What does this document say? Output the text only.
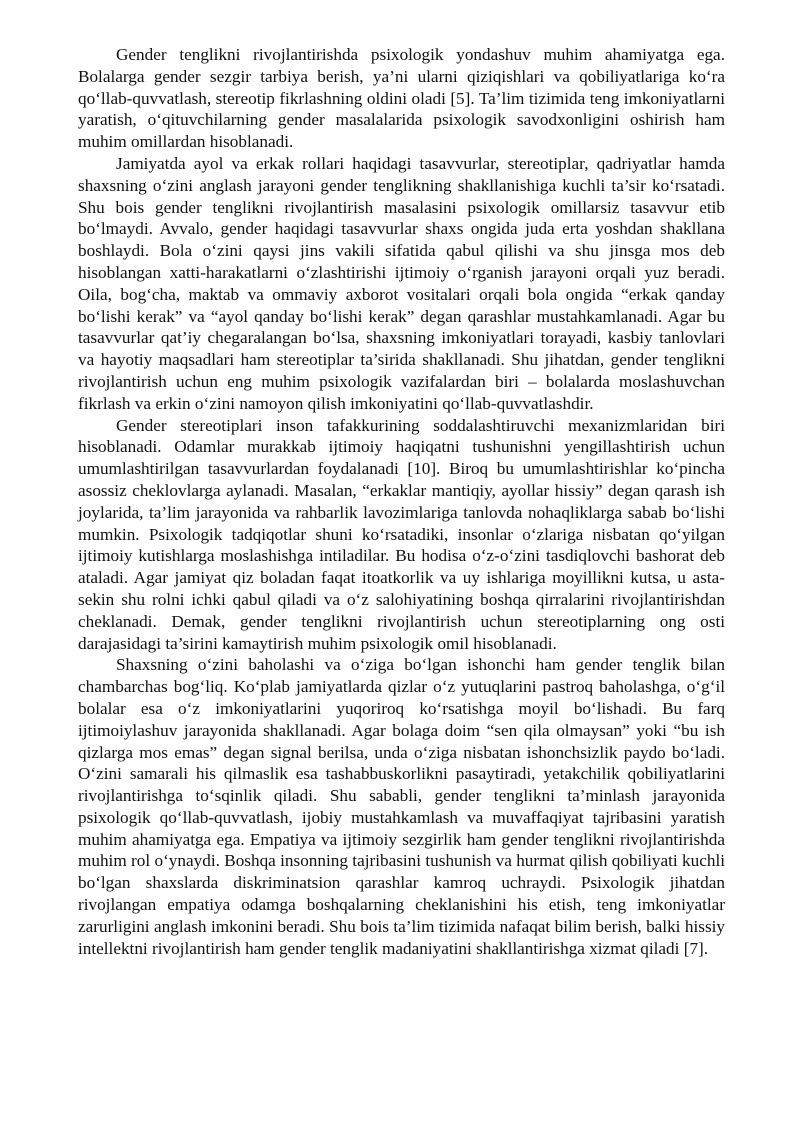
Gender tenglikni rivojlantirishda psixologik yondashuv muhim ahamiyatga ega. Bolalarga gender sezgir tarbiya berish, ya’ni ularni qiziqishlari va qobiliyatlariga ko‘ra qo‘llab-quvvatlash, stereotip fikrlashning oldini oladi [5]. Ta’lim tizimida teng imkoniyatlarni yaratish, o‘qituvchilarning gender masalalarida psixologik savodxonligini oshirish ham muhim omillardan hisoblanadi.

Jamiyatda ayol va erkak rollari haqidagi tasavvurlar, stereotiplar, qadriyatlar hamda shaxsning o‘zini anglash jarayoni gender tenglikning shakllanishiga kuchli ta’sir ko‘rsatadi. Shu bois gender tenglikni rivojlantirish masalasini psixologik omillarsiz tasavvur etib bo‘lmaydi. Avvalo, gender haqidagi tasavvurlar shaxs ongida juda erta yoshdan shakllana boshlaydi. Bola o‘zini qaysi jins vakili sifatida qabul qilishi va shu jinsga mos deb hisoblangan xatti-harakatlarni o‘zlashtirishi ijtimoiy o‘rganish jarayoni orqali yuz beradi. Oila, bog‘cha, maktab va ommaviy axborot vositalari orqali bola ongida “erkak qanday bo‘lishi kerak” va “ayol qanday bo‘lishi kerak” degan qarashlar mustahkamlanadi. Agar bu tasavvurlar qat’iy chegaralangan bo‘lsa, shaxsning imkoniyatlari torayadi, kasbiy tanlovlari va hayotiy maqsadlari ham stereotiplar ta’sirida shakllanadi. Shu jihatdan, gender tenglikni rivojlantirish uchun eng muhim psixologik vazifalardan biri – bolalarda moslashuvchan fikrlash va erkin o‘zini namoyon qilish imkoniyatini qo‘llab-quvvatlashdir.

Gender stereotiplari inson tafakkurining soddalashtiruvchi mexanizmlaridan biri hisoblanadi. Odamlar murakkab ijtimoiy haqiqatni tushunishni yengillashtirish uchun umumlashtirilgan tasavvurlardan foydalanadi [10]. Biroq bu umumlashtirishlar ko‘pincha asossiz cheklovlarga aylanadi. Masalan, “erkaklar mantiqiy, ayollar hissiy” degan qarash ish joylarida, ta’lim jarayonida va rahbarlik lavozimlariga tanlovda nohaqliklarga sabab bo‘lishi mumkin. Psixologik tadqiqotlar shuni ko‘rsatadiki, insonlar o‘zlariga nisbatan qo‘yilgan ijtimoiy kutishlarga moslashishga intiladilar. Bu hodisa o‘z-o‘zini tasdiqlovchi bashorat deb ataladi. Agar jamiyat qiz boladan faqat itoatkorlik va uy ishlariga moyillikni kutsa, u asta-sekin shu rolni ichki qabul qiladi va o‘z salohiyatining boshqa qirralarini rivojlantirishdan cheklanadi. Demak, gender tenglikni rivojlantirish uchun stereotiplarning ong osti darajasidagi ta’sirini kamaytirish muhim psixologik omil hisoblanadi.

Shaxsning o‘zini baholashi va o‘ziga bo‘lgan ishonchi ham gender tenglik bilan chambarchas bog‘liq. Ko‘plab jamiyatlarda qizlar o‘z yutuqlarini pastroq baholashga, o‘g‘il bolalar esa o‘z imkoniyatlarini yuqoriroq ko‘rsatishga moyil bo‘lishadi. Bu farq ijtimoiylashuv jarayonida shakllanadi. Agar bolaga doim “sen qila olmaysan” yoki “bu ish qizlarga mos emas” degan signal berilsa, unda o‘ziga nisbatan ishonchsizlik paydo bo‘ladi. O‘zini samarali his qilmaslik esa tashabbuskorlikni pasaytiradi, yetakchilik qobiliyatlarini rivojlantirishga to‘sqinlik qiladi. Shu sababli, gender tenglikni ta’minlash jarayonida psixologik qo‘llab-quvvatlash, ijobiy mustahkamlash va muvaffaqiyat tajribasini yaratish muhim ahamiyatga ega. Empatiya va ijtimoiy sezgirlik ham gender tenglikni rivojlantirishda muhim rol o‘ynaydi. Boshqa insonning tajribasini tushunish va hurmat qilish qobiliyati kuchli bo‘lgan shaxslarda diskriminatsion qarashlar kamroq uchraydi. Psixologik jihatdan rivojlangan empatiya odamga boshqalarning cheklanishini his etish, teng imkoniyatlar zarurligini anglash imkonini beradi. Shu bois ta’lim tizimida nafaqat bilim berish, balki hissiy intellektni rivojlantirish ham gender tenglik madaniyatini shakllantirishga xizmat qiladi [7].
